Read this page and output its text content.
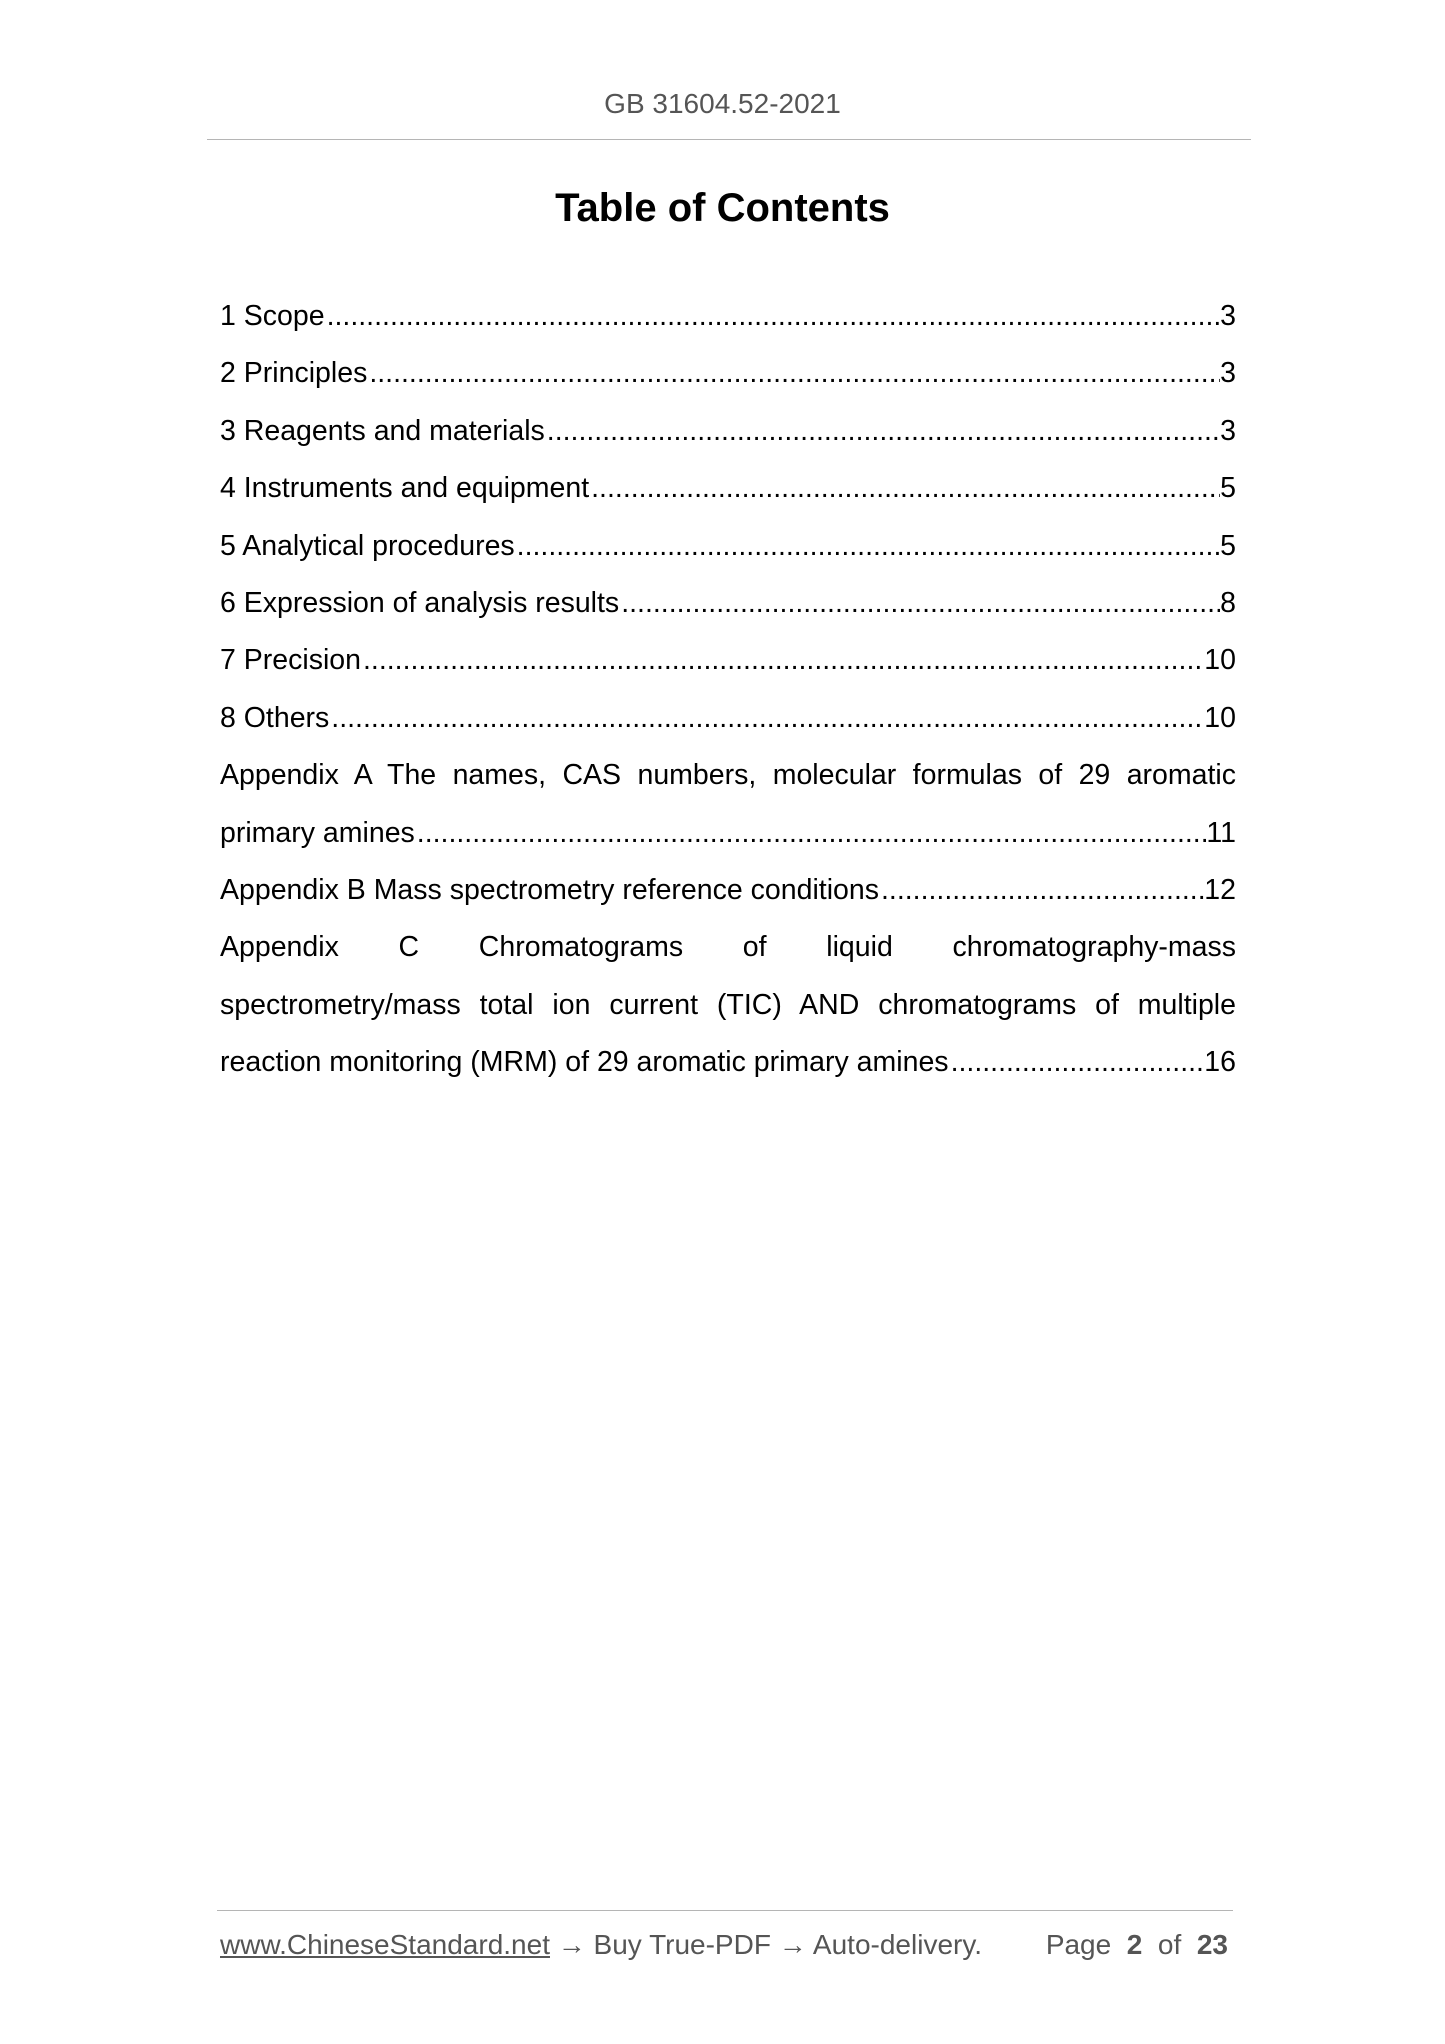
GB 31604.52-2021
Table of Contents
1 Scope .....	3
2 Principles .....	3
3 Reagents and materials .....	3
4 Instruments and equipment .....	5
5 Analytical procedures .....	5
6 Expression of analysis results .....	8
7 Precision .....	10
8 Others .....	10
Appendix A The names, CAS numbers, molecular formulas of 29 aromatic
primary amines .....	11
Appendix B Mass spectrometry reference conditions .....	12
Appendix C Chromatograms of liquid chromatography-mass
spectrometry/mass total ion current (TIC) AND chromatograms of multiple
reaction monitoring (MRM) of 29 aromatic primary amines .....	16
www.ChineseStandard.net → Buy True-PDF → Auto-delivery. Page 2 of 23
